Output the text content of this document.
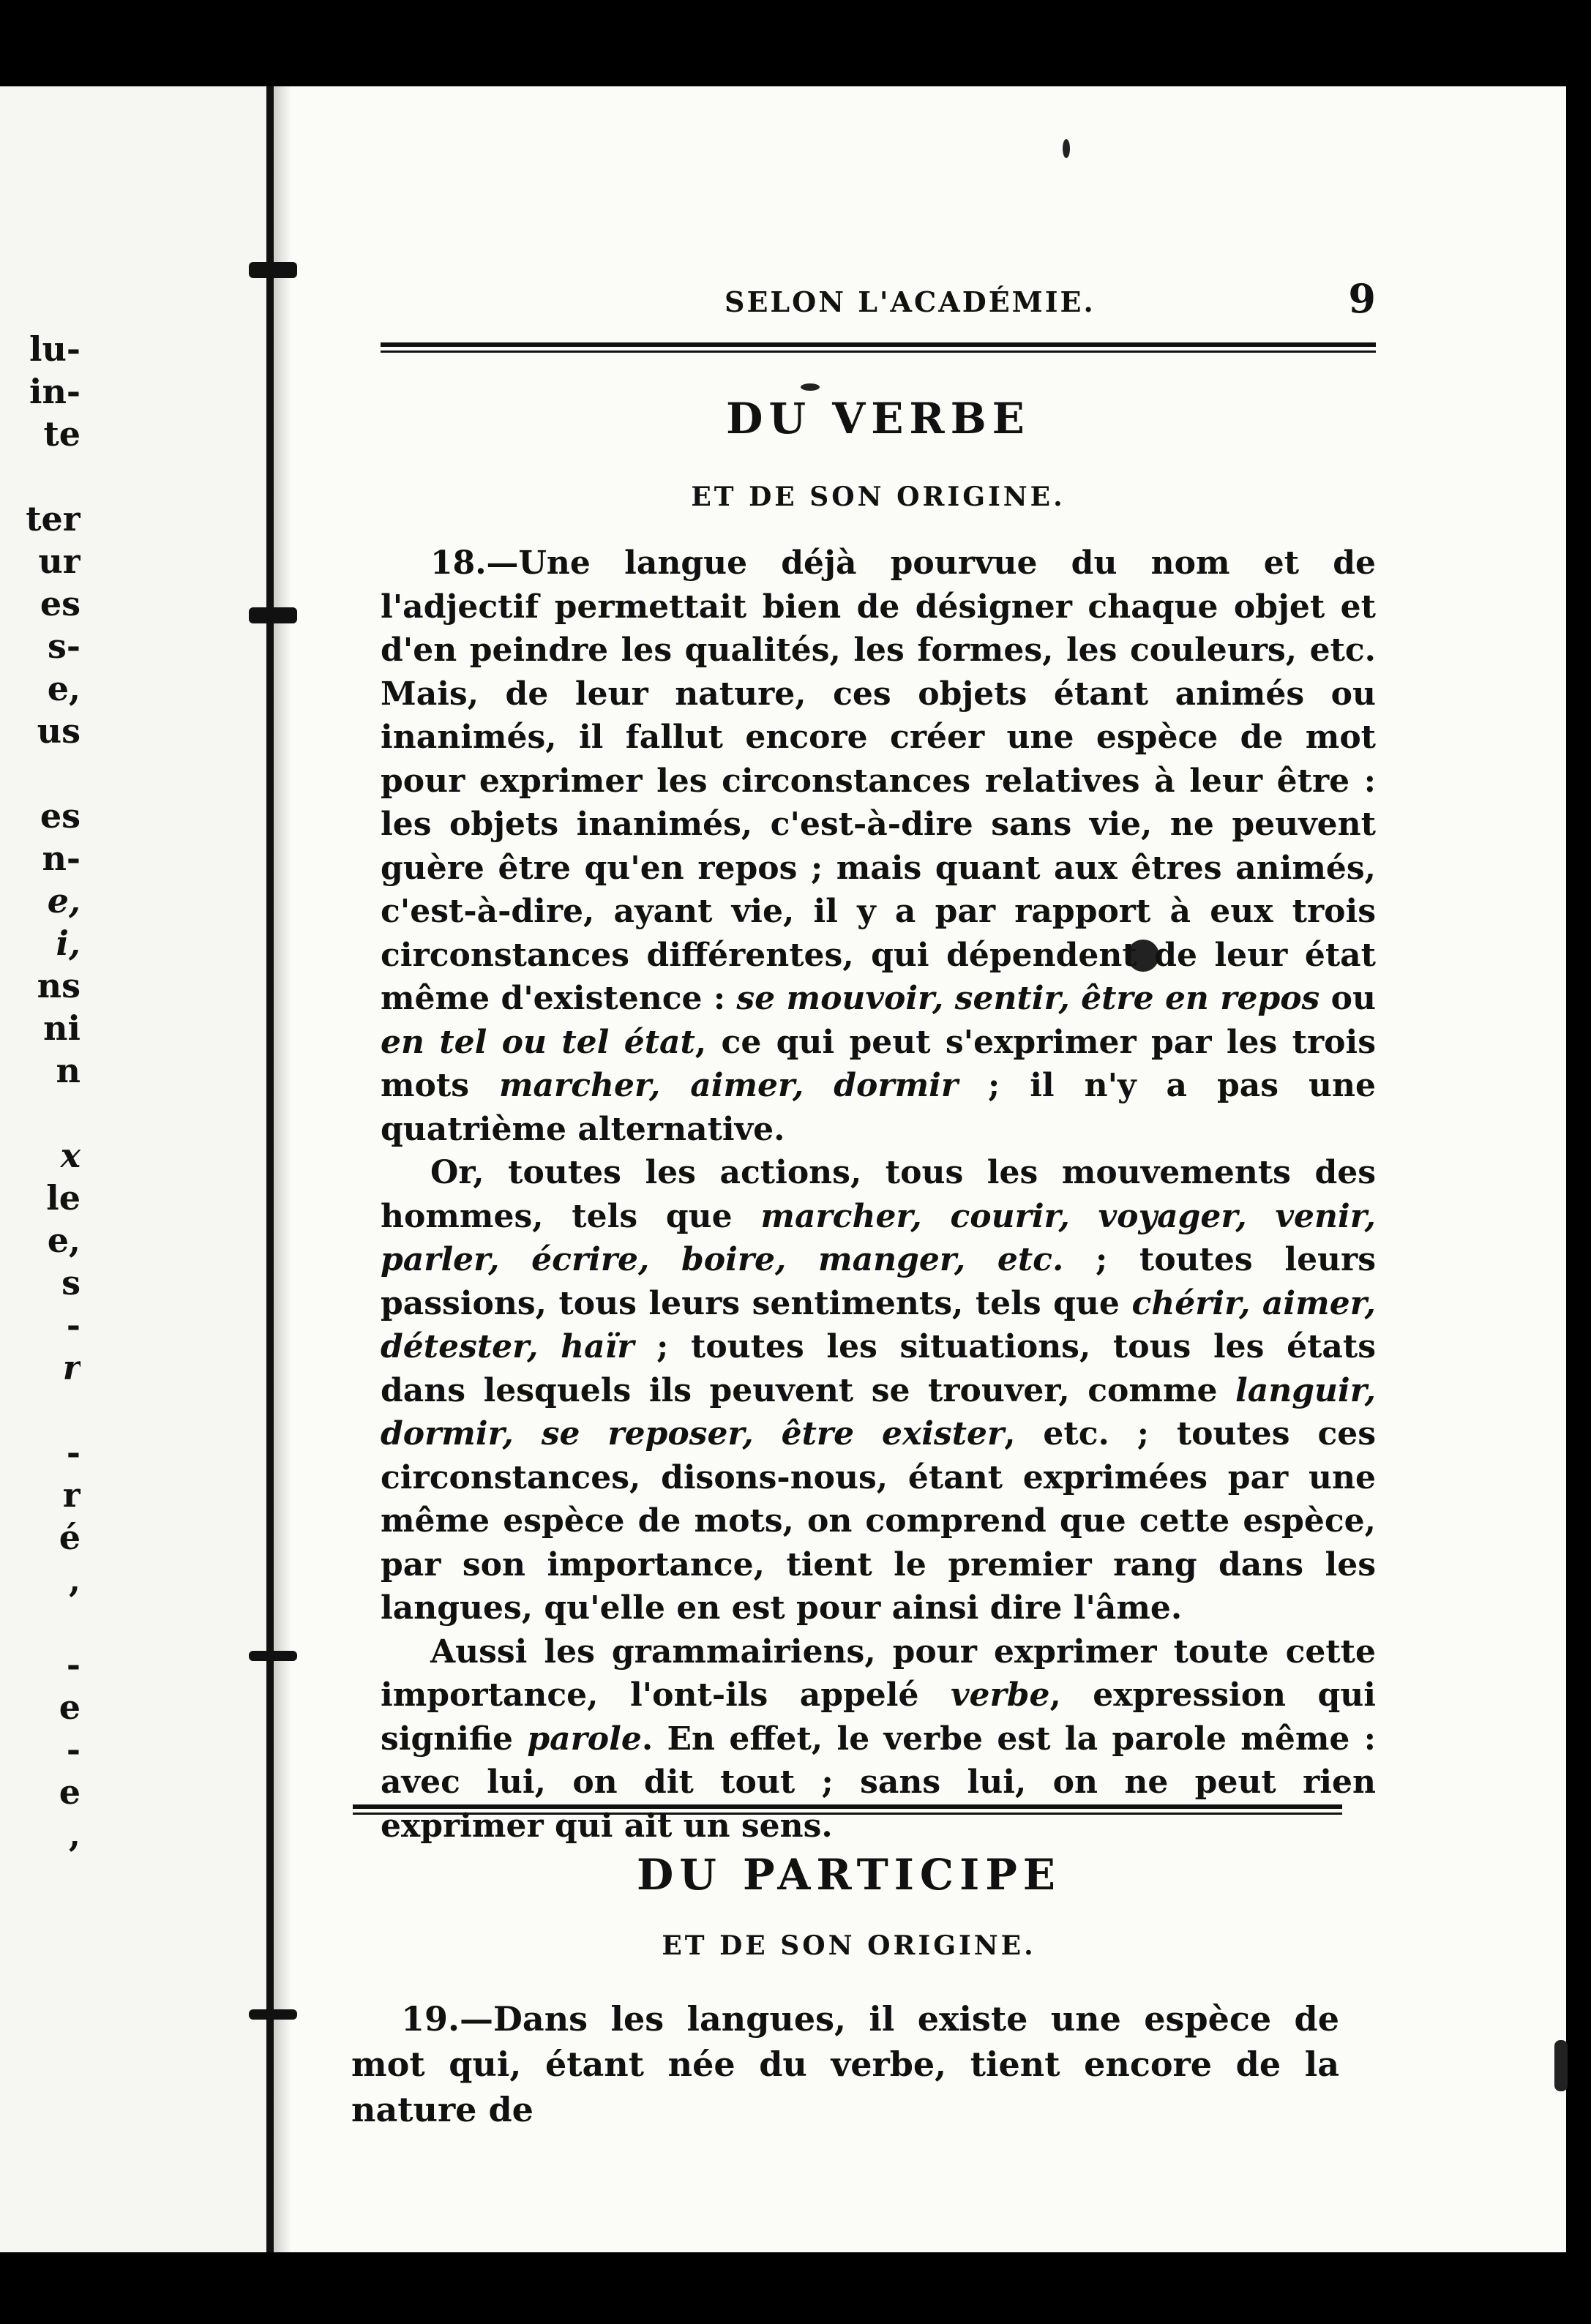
lu-
in-
te
ter
ur
es
s-
e,
us
es
n-
e,
i,
ns
ni
n
x
le
e,
s
-
r
-
r
é
,
-
e
-
e
,
SELON L'ACADÉMIE.	9
DU VERBE
ET DE SON ORIGINE.

18.—Une langue déjà pourvue du nom et de l'adjectif permettait bien de désigner chaque objet et d'en peindre les qualités, les formes, les couleurs, etc. Mais, de leur nature, ces objets étant animés ou inanimés, il fallut encore créer une espèce de mot pour exprimer les circonstances relatives à leur être : les objets inanimés, c'est-à-dire sans vie, ne peuvent guère être qu'en repos ; mais quant aux êtres animés, c'est-à-dire, ayant vie, il y a par rapport à eux trois circonstances différentes, qui dépendent de leur état même d'existence : se mouvoir, sentir, être en repos ou en tel ou tel état, ce qui peut s'exprimer par les trois mots marcher, aimer, dormir ; il n'y a pas une quatrième alternative.

Or, toutes les actions, tous les mouvements des hommes, tels que marcher, courir, voyager, venir, parler, écrire, boire, manger, etc. ; toutes leurs passions, tous leurs sentiments, tels que chérir, aimer, détester, haïr ; toutes les situations, tous les états dans lesquels ils peuvent se trouver, comme languir, dormir, se reposer, être exister, etc. ; toutes ces circonstances, disons-nous, étant exprimées par une même espèce de mots, on comprend que cette espèce, par son importance, tient le premier rang dans les langues, qu'elle en est pour ainsi dire l'âme.

Aussi les grammairiens, pour exprimer toute cette importance, l'ont-ils appelé verbe, expression qui signifie parole. En effet, le verbe est la parole même : avec lui, on dit tout ; sans lui, on ne peut rien exprimer qui ait un sens.

DU PARTICIPE
ET DE SON ORIGINE.

19.—Dans les langues, il existe une espèce de mot qui, étant née du verbe, tient encore de la nature de
